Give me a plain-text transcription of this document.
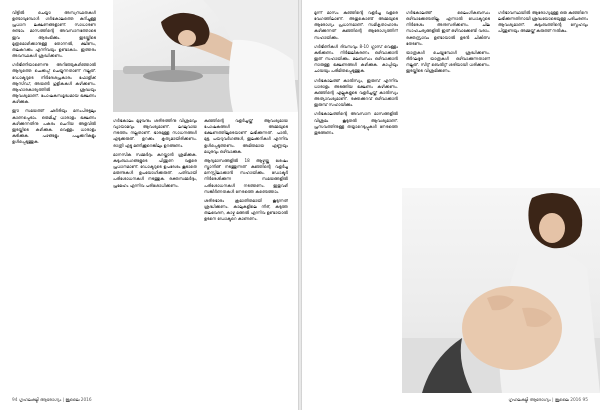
വീട്ടിൽ ചെയ്യാ അസ്വസ്ഥതകൾ ഉണ്ടാവുമ്പോൾ ഗർഭകാലത്തെ കുറിച്ചുള്ള പ്രധാന ലക്ഷണങ്ങളാണ്. സാധാരണ രണ്ടാം മാസത്തിന്റെ അവസാനത്തോടെ ഇവ ആരംഭിക്കും. ഇടയ്ക്കിടെ മൂത്രമൊഴിക്കാനുള്ള തോന്നൽ, ക്ഷീണം, തലകറക്കം എന്നിവയും ഉണ്ടാകാം. ഇത്തരം അവസ്ഥകൾ ശ്രദ്ധിക്കണം.

ഗർഭിണിയാണെന്നു അറിഞ്ഞുകഴിഞ്ഞാൽ ആദ്യത്തെ ചെക്കപ്പ് ചെയ്യുന്നതാണ് നല്ലത്. ഡോക്ടറുടെ നിർദേശപ്രകാരം ഫോളിക് ആസിഡ്, അയൺ ഗുളികകൾ കഴിക്കണം. ആഹാരകാര്യത്തിൽ ശ്രദ്ധയും ആവശ്യമാണ്. പോഷകസമൃദ്ധമായ ഭക്ഷണം കഴിക്കുക.

ഈ സമയത്ത് ഛർദിയും മനംപിരട്ടലും കാണപ്പെടാം. ഒരുമിച്ച് ധാരാളം ഭക്ഷണം കഴിക്കുന്നതിനു പകരം ചെറിയ അളവിൽ ഇടയ്ക്കിടെ കഴിക്കുക. വെള്ളം ധാരാളം കുടിക്കുക. പഴങ്ങളും പച്ചക്കറികളും ഉൾപ്പെടുത്തുക.

ഗർഭകാലം മുഴുവനും ശരീരത്തിനു വിശ്രമവും വ്യായാമവും ആവശ്യമാണ്. ലഘുവായ നടത്തം നല്ലതാണ്. ഭാരമുള്ള സാധനങ്ങൾ എടുക്കരുത്. ഉറക്കം കൃത്യമായിരിക്കണം. രാത്രി എട്ടു മണിക്കൂറെങ്കിലും ഉറങ്ങണം.

മാനസിക സമ്മർദ്ദം കുറയ്ക്കാൻ ശ്രമിക്കുക. കുടുംബാംഗങ്ങളുടെ പിന്തുണ വളരെ പ്രധാനമാണ്. ഡോക്ടറുടെ ഉപദേശം കൂടാതെ മരുന്നുകൾ ഉപയോഗിക്കരുത്. പതിവായി പരിശോധനകൾ നടത്തുക. രക്തസമ്മർദ്ദം, പ്രമേഹം എന്നിവ പരിശോധിക്കണം.

കുഞ്ഞിന്റെ വളർച്ചയ്ക്ക് ആവശ്യമായ പോഷകങ്ങൾ അമ്മയുടെ ഭക്ഷണത്തിലൂടെയാണ് ലഭിക്കുന്നത്. പാൽ, മുട്ട, പയറുവർഗങ്ങൾ, ഇലക്കറികൾ എന്നിവ ഉൾപ്പെടുത്തണം. അമിതമായ എണ്ണയും മധുരവും ഒഴിവാക്കുക.

ആദ്യമാസങ്ങളിൽ 18 ആഴ്ചയ്ക്കു ശേഷം സ്കാനിങ് നടത്തുന്നത് കുഞ്ഞിന്റെ വളർച്ച മനസ്സിലാക്കാൻ സഹായിക്കും. ഡോക്ടർ നിർദേശിക്കുന്ന സമയങ്ങളിൽ പരിശോധനകൾ നടത്തണം. ഇതുവഴി സങ്കീർണതകൾ നേരത്തെ കണ്ടെത്താം.

ശരീരഭാരം ക്രമാതീതമായി കൂടുന്നത് ശ്രദ്ധിക്കണം. കാലുകളിലെ നീര്, കടുത്ത തലവേദന, കാഴ്ച മങ്ങൽ എന്നിവ ഉണ്ടായാൽ ഉടനെ ഡോക്ടറെ കാണണം.

94 ഗൃഹലക്ഷ്മി ആരോഗ്യം | ജൂലൈ 2016

മൂന്ന് മാസം കുഞ്ഞിന്റെ വളർച്ച വളരെ വേഗത്തിലാണ്. അതുകൊണ്ട് അമ്മയുടെ ആരോഗ്യം പ്രധാനമാണ്. സമീകൃതാഹാരം കഴിക്കുന്നത് കുഞ്ഞിന്റെ ആരോഗ്യത്തിന് സഹായിക്കും.

ഗർഭിണികൾ ദിവസവും 8-10 ഗ്ലാസ് വെള്ളം കുടിക്കണം. നിർജലീകരണം ഒഴിവാക്കാൻ ഇത് സഹായിക്കും. മലബന്ധം ഒഴിവാക്കാൻ നാരുള്ള ഭക്ഷണങ്ങൾ കഴിക്കുക. കാപ്പിയും ചായയും പരിമിതപ്പെടുത്തുക.

ഗർഭകാലത്ത് കാൽസ്യം, ഇരുമ്പ് എന്നിവ ധാരാളം അടങ്ങിയ ഭക്ഷണം കഴിക്കണം. കുഞ്ഞിന്റെ എല്ലുകളുടെ വളർച്ചയ്ക്ക് കാൽസ്യം അത്യാവശ്യമാണ്. രക്തക്കുറവ് ഒഴിവാക്കാൻ ഇരുമ്പ് സഹായിക്കും.

ഗർഭകാലത്തിന്റെ അവസാന മാസങ്ങളിൽ വിശ്രമം കൂടുതൽ ആവശ്യമാണ്. പ്രസവത്തിനുള്ള തയ്യാറെടുപ്പുകൾ നേരത്തെ തുടങ്ങണം.

ഗർഭകാലത്ത് ലൈംഗികബന്ധം ഒഴിവാക്കേണ്ടതില്ല. എന്നാൽ ഡോക്ടറുടെ നിർദേശം അനുസരിക്കണം. ചില സാഹചര്യങ്ങളിൽ ഇത് ഒഴിവാക്കേണ്ടി വരാം. രക്തസ്രാവം ഉണ്ടായാൽ ഉടൻ ചികിത്സ തേടണം.

യാത്രകൾ ചെയ്യുമ്പോൾ ശ്രദ്ധിക്കണം. ദീർഘദൂര യാത്രകൾ ഒഴിവാക്കുന്നതാണ് നല്ലത്. സീറ്റ് ബെൽറ്റ് ശരിയായി ധരിക്കണം. ഇടയ്ക്കിടെ വിശ്രമിക്കണം.

ഗർഭാവസ്ഥയിൽ ആരോഗ്യമുള്ള ഒരു കുഞ്ഞിനെ ലഭിക്കുന്നതിനായി ശ്രദ്ധയോടെയുള്ള പരിചരണം ആവശ്യമാണ്. കുടുംബത്തിന്റെ സ്നേഹവും പിന്തുണയും അമ്മയ്ക്ക് കരുത്ത് നൽകും.

ഗൃഹലക്ഷ്മി ആരോഗ്യം | ജൂലൈ 2016 95
